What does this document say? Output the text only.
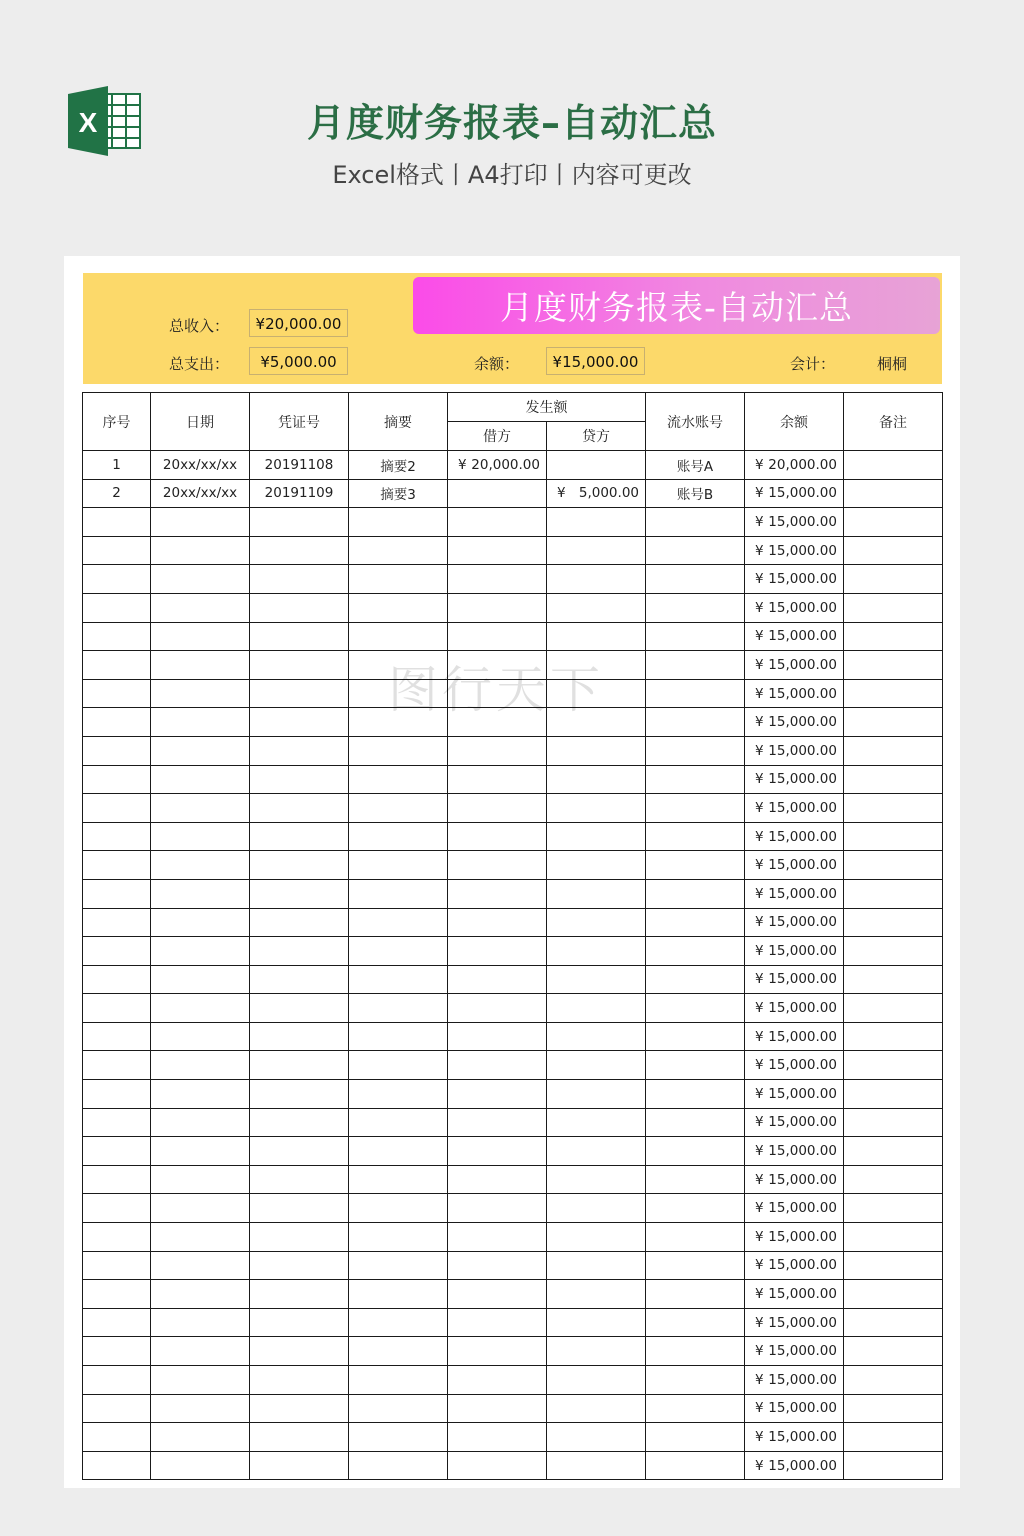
X	月度财务报表–自动汇总
Excel格式丨A4打印丨内容可更改
月度财务报表-自动汇总
总收入：	¥20,000.00
总支出：	¥5,000.00	余额：	¥15,000.00	会计：	桐桐
序号	日期	凭证号	摘要	发生额		流水账号	余额	备注
				借方	贷方			
1	20xx/xx/xx	20191108	摘要2	¥ 20,000.00		账号A	¥ 20,000.00	

2	20xx/xx/xx	20191109	摘要3		¥ 5,000.00	账号B	¥ 15,000.00	

							¥ 15,000.00	

							¥ 15,000.00	

							¥ 15,000.00	

							¥ 15,000.00	

							¥ 15,000.00	

							¥ 15,000.00	

							¥ 15,000.00	

							¥ 15,000.00	

							¥ 15,000.00	

							¥ 15,000.00	

							¥ 15,000.00	

							¥ 15,000.00	

							¥ 15,000.00	

							¥ 15,000.00	

							¥ 15,000.00	

							¥ 15,000.00	

							¥ 15,000.00	

							¥ 15,000.00	

							¥ 15,000.00	

							¥ 15,000.00	

							¥ 15,000.00	

							¥ 15,000.00	

							¥ 15,000.00	

							¥ 15,000.00	

							¥ 15,000.00	

							¥ 15,000.00	

							¥ 15,000.00	

							¥ 15,000.00	

							¥ 15,000.00	

							¥ 15,000.00	

							¥ 15,000.00	

							¥ 15,000.00	

							¥ 15,000.00	

							¥ 15,000.00	
